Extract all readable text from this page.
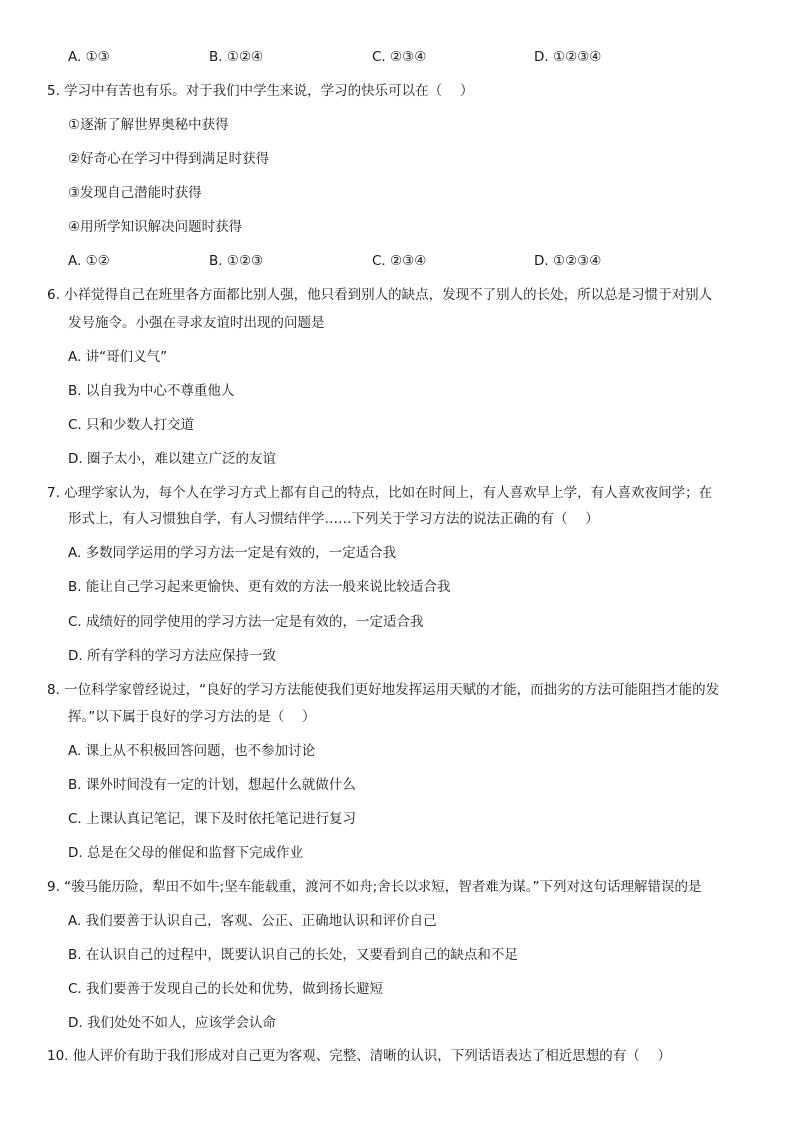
A. ①③	B. ①②④	C. ②③④	D. ①②③④
5. 学习中有苦也有乐。对于我们中学生来说，学习的快乐可以在（　 ）
①逐渐了解世界奥秘中获得
②好奇心在学习中得到满足时获得
③发现自己潜能时获得
④用所学知识解决问题时获得
A. ①②	B. ①②③	C. ②③④	D. ①②③④
6. 小祥觉得自己在班里各方面都比别人强，他只看到别人的缺点，发现不了别人的长处，所以总是习惯于对别人
发号施令。小强在寻求友谊时出现的问题是
A. 讲“哥们义气”
B. 以自我为中心不尊重他人
C. 只和少数人打交道
D. 圈子太小，难以建立广泛的友谊
7. 心理学家认为，每个人在学习方式上都有自己的特点，比如在时间上，有人喜欢早上学，有人喜欢夜间学；在
形式上，有人习惯独自学，有人习惯结伴学……下列关于学习方法的说法正确的有（　 ）
A. 多数同学运用的学习方法一定是有效的，一定适合我
B. 能让自己学习起来更愉快、更有效的方法一般来说比较适合我
C. 成绩好的同学使用的学习方法一定是有效的，一定适合我
D. 所有学科的学习方法应保持一致
8. 一位科学家曾经说过，“良好的学习方法能使我们更好地发挥运用天赋的才能，而拙劣的方法可能阻挡才能的发
挥。”以下属于良好的学习方法的是（　 ）
A. 课上从不积极回答问题，也不参加讨论
B. 课外时间没有一定的计划，想起什么就做什么
C. 上课认真记笔记，课下及时依托笔记进行复习
D. 总是在父母的催促和监督下完成作业
9. “骏马能历险，犁田不如牛;坚车能载重，渡河不如舟;舍长以求短，智者难为谋。”下列对这句话理解错误的是
A. 我们要善于认识自己，客观、公正、正确地认识和评价自己
B. 在认识自己的过程中，既要认识自己的长处，又要看到自己的缺点和不足
C. 我们要善于发现自己的长处和优势，做到扬长避短
D. 我们处处不如人，应该学会认命
10. 他人评价有助于我们形成对自己更为客观、完整、清晰的认识，下列话语表达了相近思想的有（　 ）
